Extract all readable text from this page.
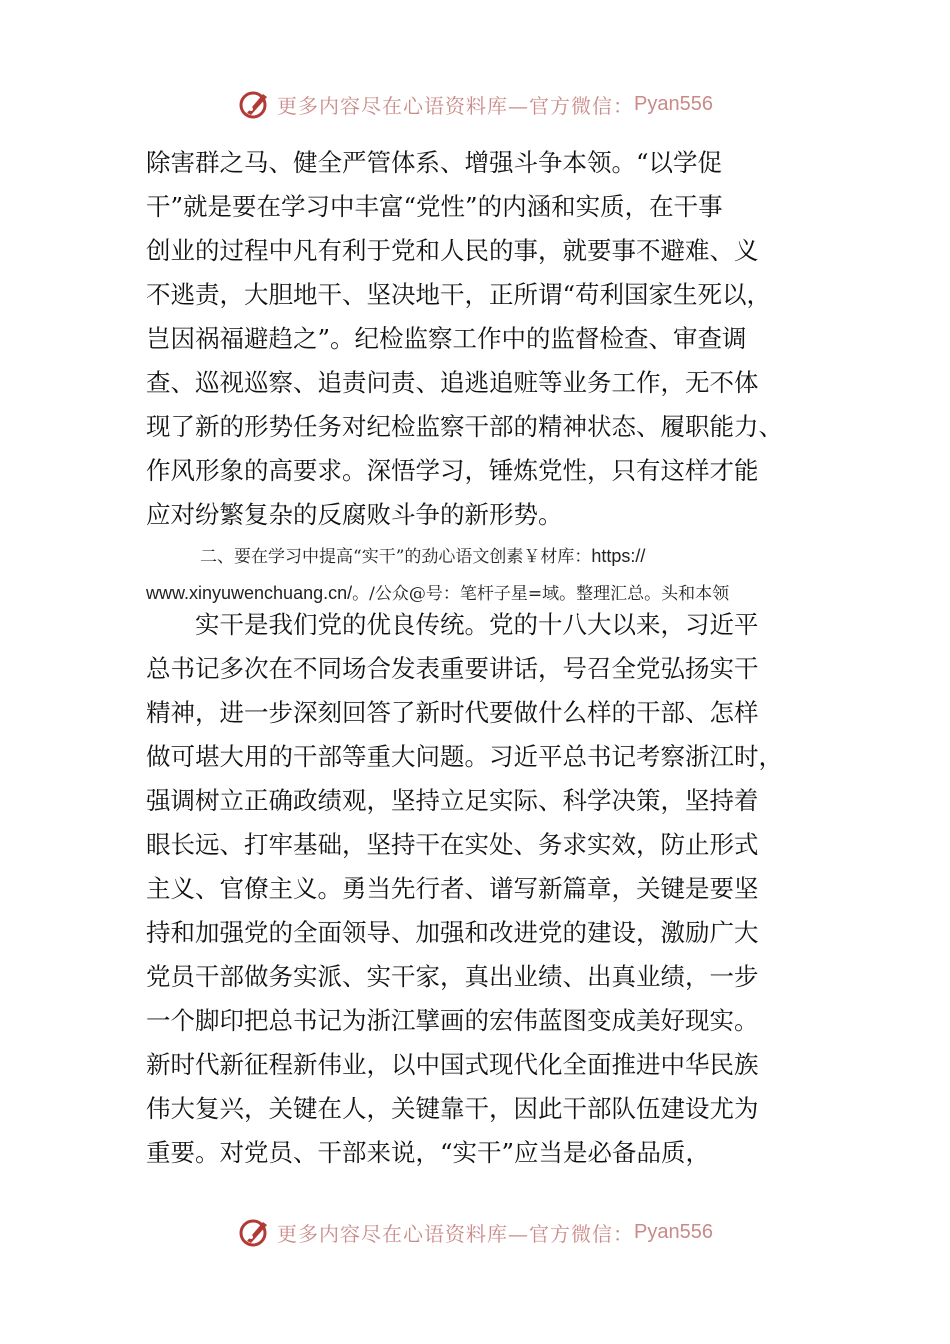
更多内容尽在心语资料库—官方微信： Pyan556
除害群之马、健全严管体系、增强斗争本领。“以学促
干”就是要在学习中丰富“党性”的内涵和实质，在干事
创业的过程中凡有利于党和人民的事，就要事不避难、义
不逃责，大胆地干、坚决地干，正所谓“苟利国家生死以，
岂因祸福避趋之”。纪检监察工作中的监督检查、审查调
查、巡视巡察、追责问责、追逃追赃等业务工作，无不体
现了新的形势任务对纪检监察干部的精神状态、履职能力、
作风形象的高要求。深悟学习，锤炼党性，只有这样才能
应对纷繁复杂的反腐败斗争的新形势。
二、要在学习中提高“实干”的劲心语文创素￥材库：https://
www.xinyuwenchuang.cn/。/公众@号：笔杆子星=域。整理汇总。头和本领
　　实干是我们党的优良传统。党的十八大以来，习近平
总书记多次在不同场合发表重要讲话，号召全党弘扬实干
精神，进一步深刻回答了新时代要做什么样的干部、怎样
做可堪大用的干部等重大问题。习近平总书记考察浙江时，
强调树立正确政绩观，坚持立足实际、科学决策，坚持着
眼长远、打牢基础，坚持干在实处、务求实效，防止形式
主义、官僚主义。勇当先行者、谱写新篇章，关键是要坚
持和加强党的全面领导、加强和改进党的建设，激励广大
党员干部做务实派、实干家，真出业绩、出真业绩，一步
一个脚印把总书记为浙江擘画的宏伟蓝图变成美好现实。
新时代新征程新伟业，以中国式现代化全面推进中华民族
伟大复兴，关键在人，关键靠干，因此干部队伍建设尤为
重要。对党员、干部来说，“实干”应当是必备品质，
更多内容尽在心语资料库—官方微信： Pyan556
